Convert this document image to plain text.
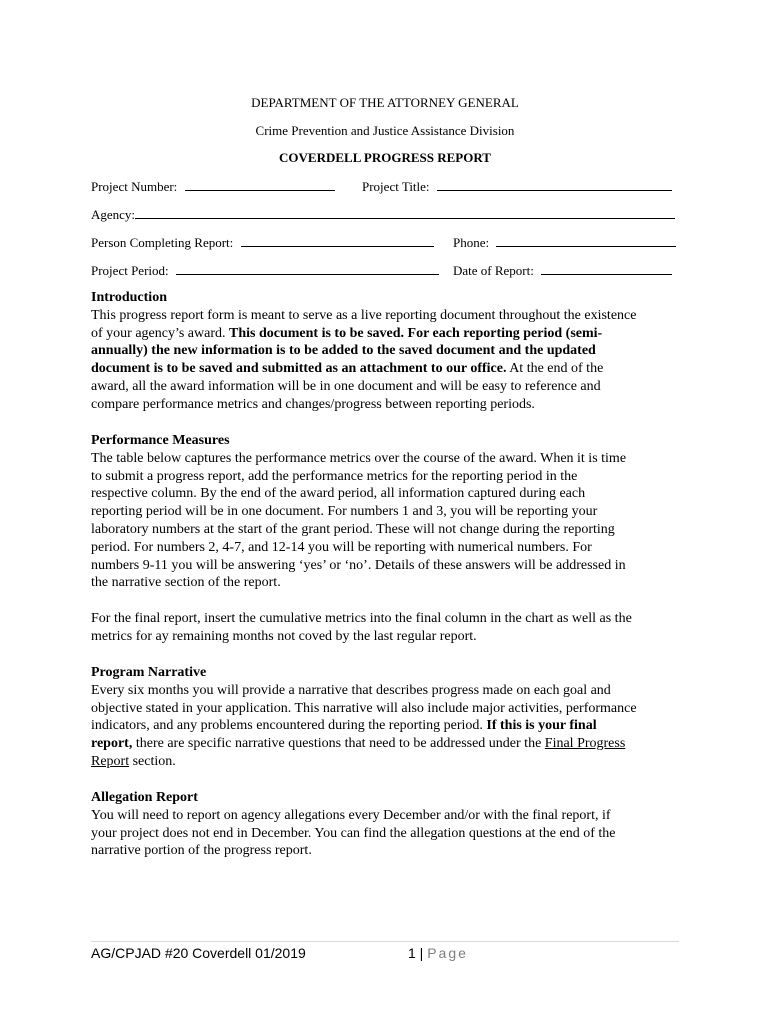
DEPARTMENT OF THE ATTORNEY GENERAL
Crime Prevention and Justice Assistance Division
COVERDELL PROGRESS REPORT
Project Number:	Project Title:
Agency:
Person Completing Report:	Phone:
Project Period:	Date of Report:
Introduction
This progress report form is meant to serve as a live reporting document throughout the existence
of your agency’s award. This document is to be saved. For each reporting period (semi-
annually) the new information is to be added to the saved document and the updated
document is to be saved and submitted as an attachment to our office. At the end of the
award, all the award information will be in one document and will be easy to reference and
compare performance metrics and changes/progress between reporting periods.
Performance Measures
The table below captures the performance metrics over the course of the award. When it is time
to submit a progress report, add the performance metrics for the reporting period in the
respective column. By the end of the award period, all information captured during each
reporting period will be in one document. For numbers 1 and 3, you will be reporting your
laboratory numbers at the start of the grant period. These will not change during the reporting
period. For numbers 2, 4-7, and 12-14 you will be reporting with numerical numbers. For
numbers 9-11 you will be answering ‘yes’ or ‘no’. Details of these answers will be addressed in
the narrative section of the report.
For the final report, insert the cumulative metrics into the final column in the chart as well as the
metrics for ay remaining months not coved by the last regular report.
Program Narrative
Every six months you will provide a narrative that describes progress made on each goal and
objective stated in your application. This narrative will also include major activities, performance
indicators, and any problems encountered during the reporting period. If this is your final
report, there are specific narrative questions that need to be addressed under the Final Progress
Report section.
Allegation Report
You will need to report on agency allegations every December and/or with the final report, if
your project does not end in December. You can find the allegation questions at the end of the
narrative portion of the progress report.
AG/CPJAD #20 Coverdell 01/2019	1 | Page
